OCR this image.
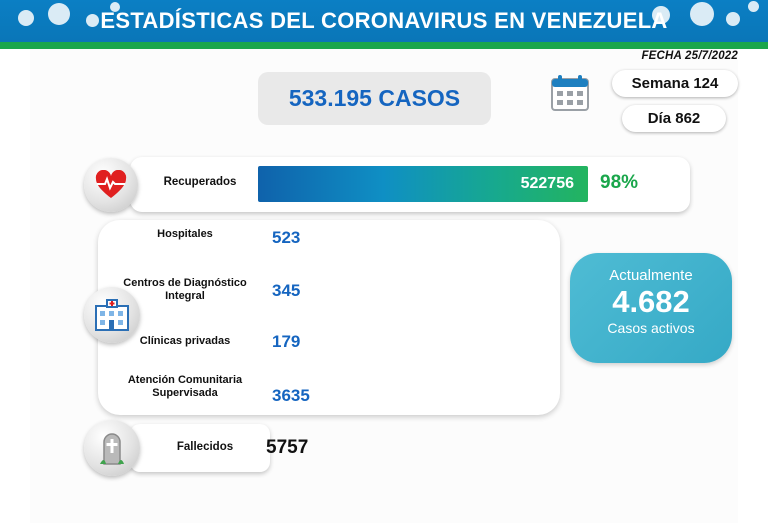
ESTADÍSTICAS DEL CORONAVIRUS EN VENEZUELA
FECHA 25/7/2022
533.195 CASOS
Semana 124
Día 862
Recuperados	522756 98%
Hospitales	523
Centros de Diagnóstico Integral	345
Clínicas privadas	179
Atención Comunitaria Supervisada	3635
Actualmente
4.682
Casos activos
Fallecidos	5757
